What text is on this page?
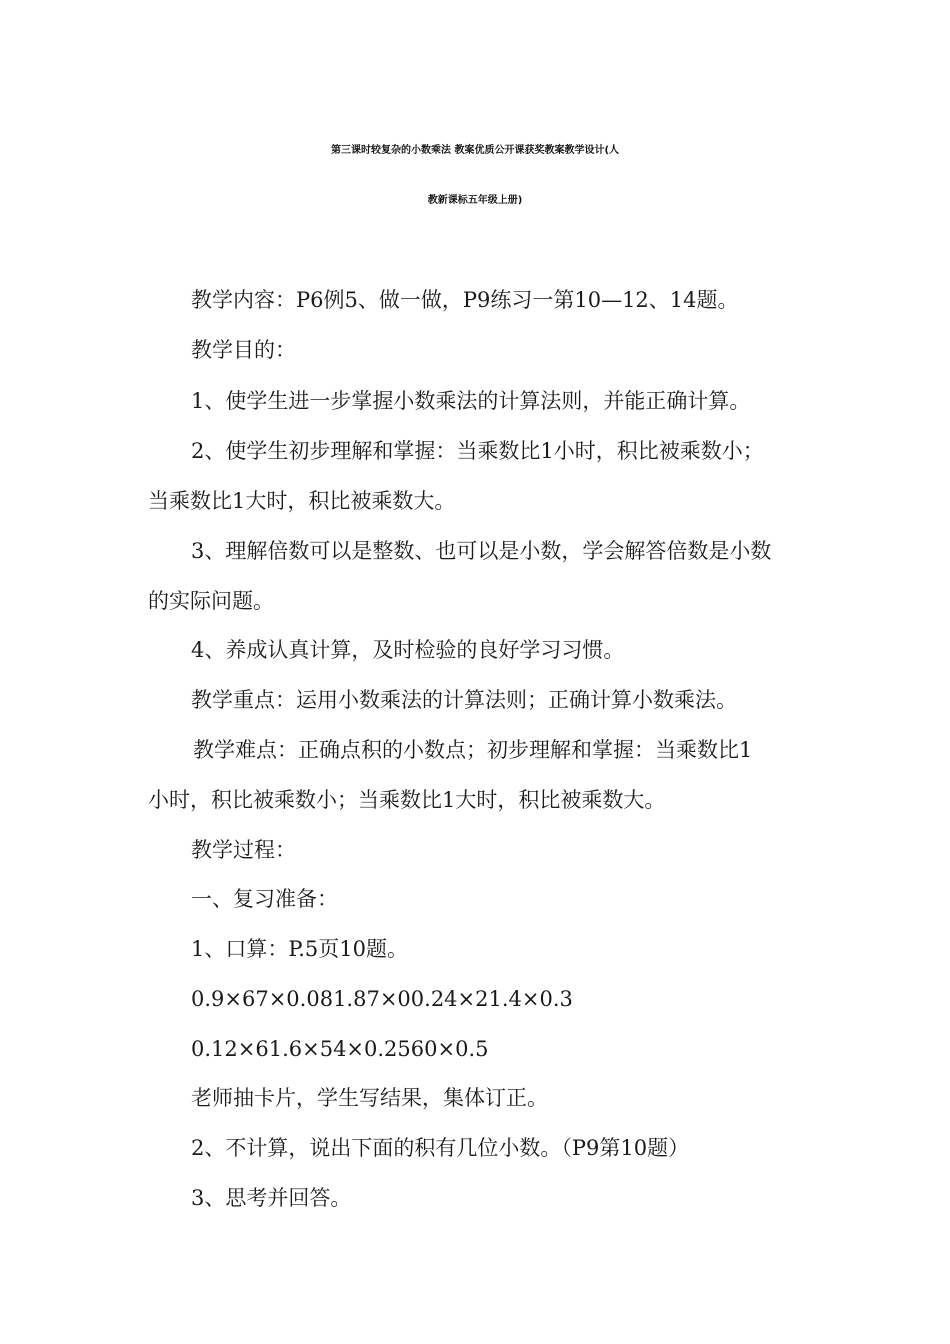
第三课时较复杂的小数乘法 教案优质公开课获奖教案教学设计(人
教新课标五年级上册)
教学内容：P6例5、做一做，P9练习一第10—12、14题。
教学目的：
1、使学生进一步掌握小数乘法的计算法则，并能正确计算。
2、使学生初步理解和掌握：当乘数比1小时，积比被乘数小；
当乘数比1大时，积比被乘数大。
3、理解倍数可以是整数、也可以是小数，学会解答倍数是小数
的实际问题。
4、养成认真计算，及时检验的良好学习习惯。
教学重点：运用小数乘法的计算法则；正确计算小数乘法。
教学难点：正确点积的小数点；初步理解和掌握：当乘数比1
小时，积比被乘数小；当乘数比1大时，积比被乘数大。
教学过程：
一、复习准备：
1、口算：P.5页10题。
0.9×67×0.081.87×00.24×21.4×0.3
0.12×61.6×54×0.2560×0.5
老师抽卡片，学生写结果，集体订正。
2、不计算，说出下面的积有几位小数。（P9第10题）
3、思考并回答。
